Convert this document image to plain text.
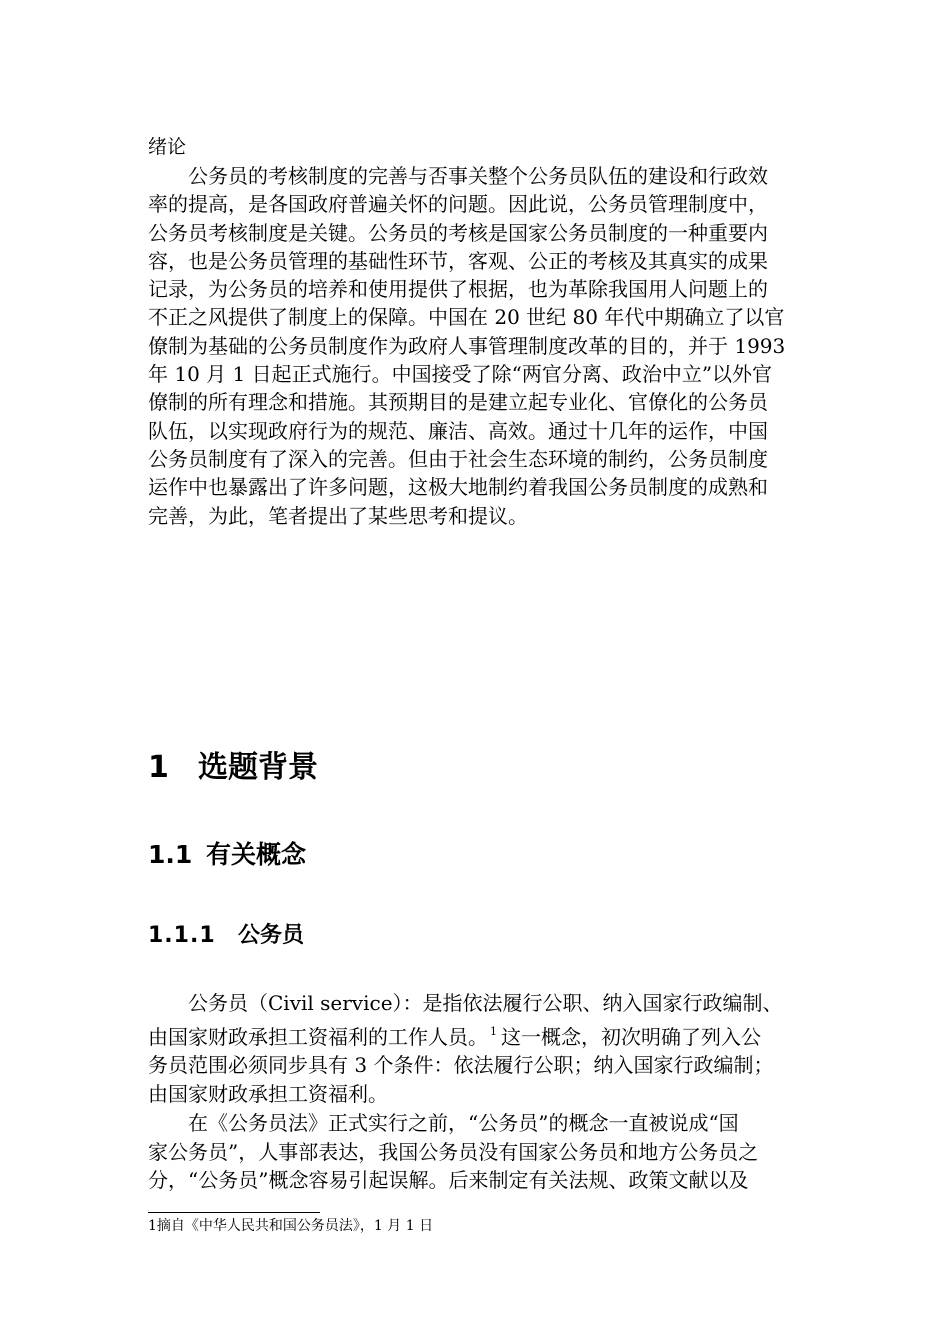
绪论
公务员的考核制度的完善与否事关整个公务员队伍的建设和行政效
率的提高，是各国政府普遍关怀的问题。因此说，公务员管理制度中，
公务员考核制度是关键。公务员的考核是国家公务员制度的一种重要内
容，也是公务员管理的基础性环节，客观、公正的考核及其真实的成果
记录，为公务员的培养和使用提供了根据，也为革除我国用人问题上的
不正之风提供了制度上的保障。中国在 20 世纪 80 年代中期确立了以官
僚制为基础的公务员制度作为政府人事管理制度改革的目的，并于 1993
年 10 月 1 日起正式施行。中国接受了除“两官分离、政治中立”以外官
僚制的所有理念和措施。其预期目的是建立起专业化、官僚化的公务员
队伍，以实现政府行为的规范、廉洁、高效。通过十几年的运作，中国
公务员制度有了深入的完善。但由于社会生态环境的制约，公务员制度
运作中也暴露出了许多问题，这极大地制约着我国公务员制度的成熟和
完善，为此，笔者提出了某些思考和提议。
1 选题背景
1.1 有关概念
1.1.1 公务员
公务员（Civil service）：是指依法履行公职、纳入国家行政编制、
由国家财政承担工资福利的工作人员。 $^1$ 这一概念，初次明确了列入公
务员范围必须同步具有 3 个条件：依法履行公职；纳入国家行政编制；
由国家财政承担工资福利。
在《公务员法》正式实行之前，“公务员”的概念一直被说成“国
家公务员”，人事部表达，我国公务员没有国家公务员和地方公务员之
分，“公务员”概念容易引起误解。后来制定有关法规、政策文献以及
1摘自《中华人民共和国公务员法》，1 月 1 日
